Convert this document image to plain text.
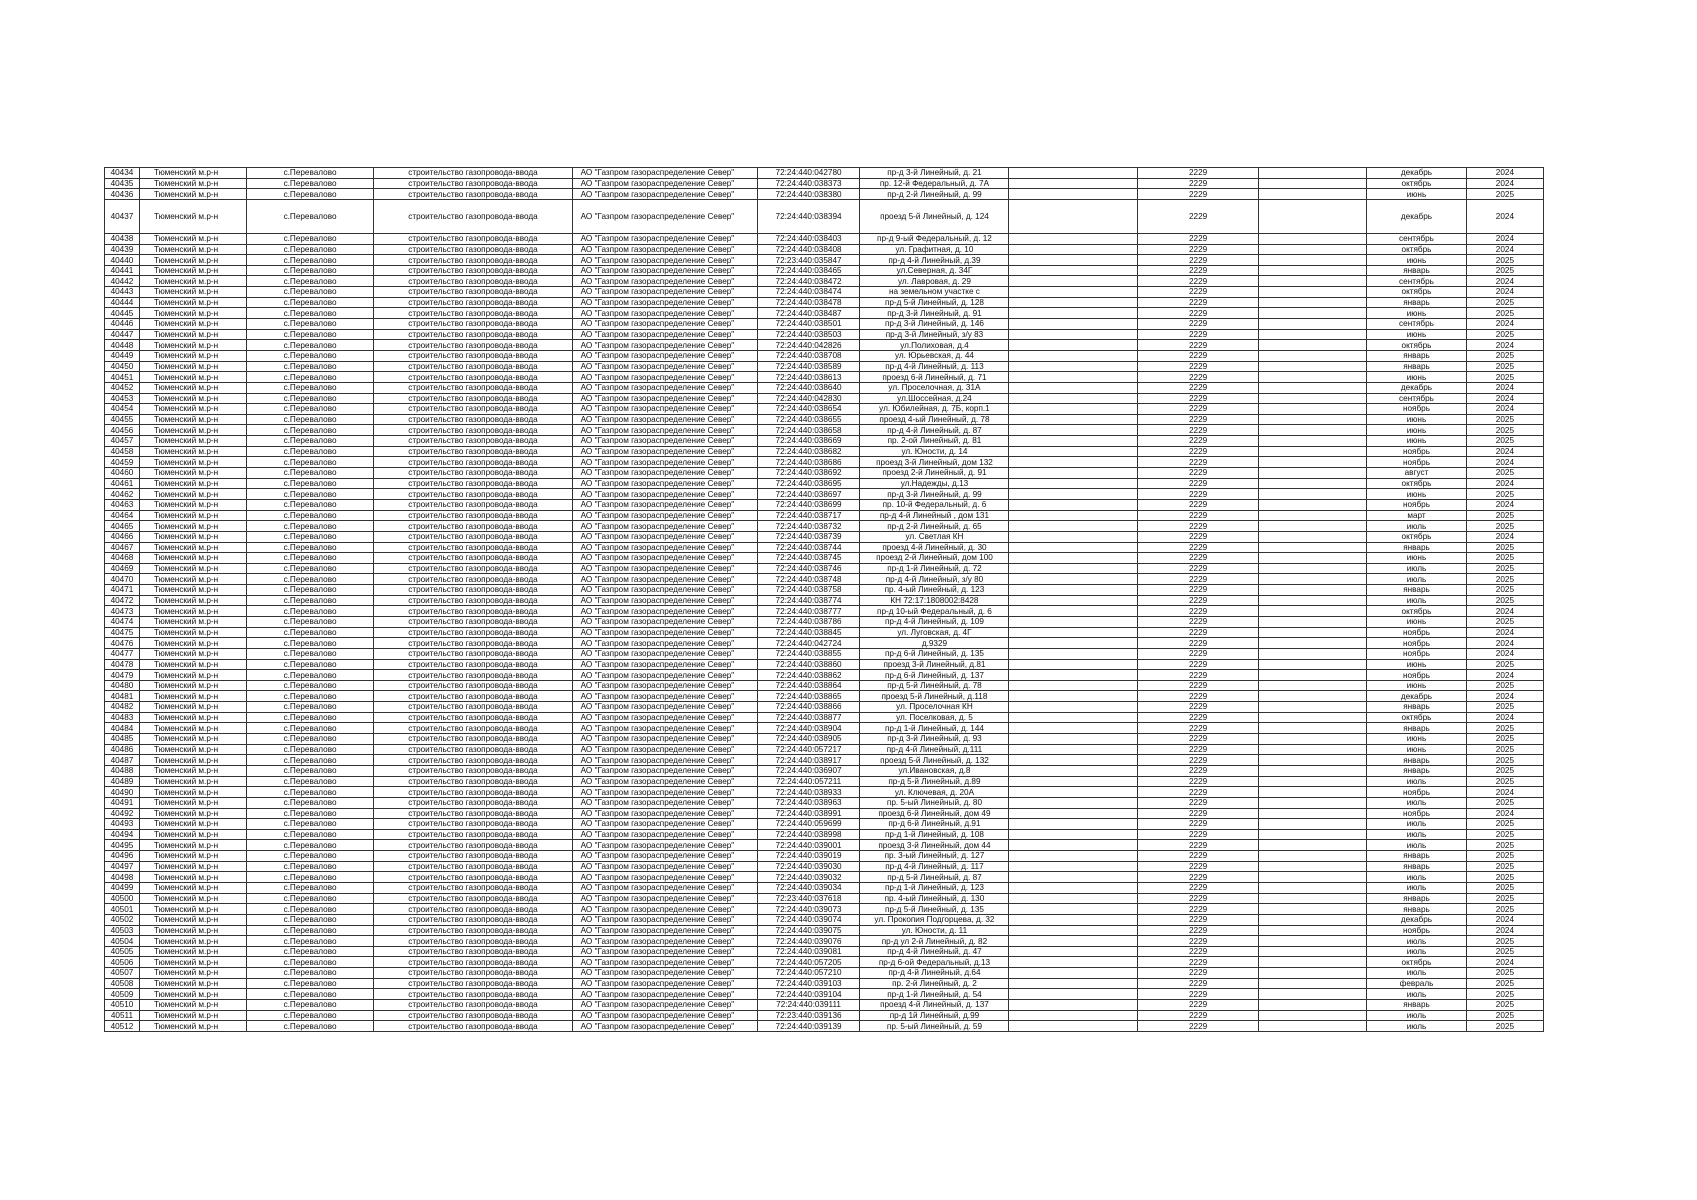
40434	Тюменский м.р-н	с.Перевалово	строительство газопровода-ввода	АО "Газпром газораспределение Север"	72:24:440:042780	пр-д 3-й Линейный, д. 21		2229		декабрь	2024
40435	Тюменский м.р-н	с.Перевалово	строительство газопровода-ввода	АО "Газпром газораспределение Север"	72:24:440:038373	пр. 12-й Федеральный, д. 7А		2229		октябрь	2024
40436	Тюменский м.р-н	с.Перевалово	строительство газопровода-ввода	АО "Газпром газораспределение Север"	72:24:440:038380	пр-д 2-й Линейный, д. 99		2229		июнь	2025
40437	Тюменский м.р-н	с.Перевалово	строительство газопровода-ввода	АО "Газпром газораспределение Север"	72:24:440:038394	проезд 5-й Линейный, д. 124		2229		декабрь	2024
40438	Тюменский м.р-н	с.Перевалово	строительство газопровода-ввода	АО "Газпром газораспределение Север"	72:24:440:038403	пр-д 9-ый Федеральный, д. 12		2229		сентябрь	2024
40439	Тюменский м.р-н	с.Перевалово	строительство газопровода-ввода	АО "Газпром газораспределение Север"	72:24:440:038408	ул. Графитная, д. 10		2229		октябрь	2024
40440	Тюменский м.р-н	с.Перевалово	строительство газопровода-ввода	АО "Газпром газораспределение Север"	72:23:440:035847	пр-д 4-й Линейный, д.39		2229		июнь	2025
40441	Тюменский м.р-н	с.Перевалово	строительство газопровода-ввода	АО "Газпром газораспределение Север"	72:24:440:038465	ул.Северная, д. 34Г		2229		январь	2025
40442	Тюменский м.р-н	с.Перевалово	строительство газопровода-ввода	АО "Газпром газораспределение Север"	72:24:440:038472	ул. Лавровая, д. 29		2229		сентябрь	2024
40443	Тюменский м.р-н	с.Перевалово	строительство газопровода-ввода	АО "Газпром газораспределение Север"	72:24:440:038474	на земельном участке с		2229		октябрь	2024
40444	Тюменский м.р-н	с.Перевалово	строительство газопровода-ввода	АО "Газпром газораспределение Север"	72:24:440:038478	пр-д 5-й Линейный, д. 128		2229		январь	2025
40445	Тюменский м.р-н	с.Перевалово	строительство газопровода-ввода	АО "Газпром газораспределение Север"	72:24:440:038487	пр-д 3-й Линейный, д. 91		2229		июнь	2025
40446	Тюменский м.р-н	с.Перевалово	строительство газопровода-ввода	АО "Газпром газораспределение Север"	72:24:440:038501	пр-д 3-й Линейный, д. 146		2229		сентябрь	2024
40447	Тюменский м.р-н	с.Перевалово	строительство газопровода-ввода	АО "Газпром газораспределение Север"	72:24:440:038503	пр-д 3-й Линейный, з/у 83		2229		июнь	2025
40448	Тюменский м.р-н	с.Перевалово	строительство газопровода-ввода	АО "Газпром газораспределение Север"	72:24:440:042826	ул.Полиховая, д.4		2229		октябрь	2024
40449	Тюменский м.р-н	с.Перевалово	строительство газопровода-ввода	АО "Газпром газораспределение Север"	72:24:440:038708	ул. Юрьевская, д. 44		2229		январь	2025
40450	Тюменский м.р-н	с.Перевалово	строительство газопровода-ввода	АО "Газпром газораспределение Север"	72:24:440:038589	пр-д 4-й Линейный, д. 113		2229		январь	2025
40451	Тюменский м.р-н	с.Перевалово	строительство газопровода-ввода	АО "Газпром газораспределение Север"	72:24:440:038613	проезд 6-й Линейный, д. 71		2229		июнь	2025
40452	Тюменский м.р-н	с.Перевалово	строительство газопровода-ввода	АО "Газпром газораспределение Север"	72:24:440:038640	ул. Проселочная, д. 31А		2229		декабрь	2024
40453	Тюменский м.р-н	с.Перевалово	строительство газопровода-ввода	АО "Газпром газораспределение Север"	72:24:440:042830	ул.Шоссейная, д.24		2229		сентябрь	2024
40454	Тюменский м.р-н	с.Перевалово	строительство газопровода-ввода	АО "Газпром газораспределение Север"	72:24:440:038654	ул. Юбилейная, д. 7Б, корп.1		2229		ноябрь	2024
40455	Тюменский м.р-н	с.Перевалово	строительство газопровода-ввода	АО "Газпром газораспределение Север"	72:24:440:038655	проезд 4-ый Линейный, д. 78		2229		июнь	2025
40456	Тюменский м.р-н	с.Перевалово	строительство газопровода-ввода	АО "Газпром газораспределение Север"	72:24:440:038658	пр-д 4-й Линейный, д. 87		2229		июнь	2025
40457	Тюменский м.р-н	с.Перевалово	строительство газопровода-ввода	АО "Газпром газораспределение Север"	72:24:440:038669	пр. 2-ой Линейный, д. 81		2229		июнь	2025
40458	Тюменский м.р-н	с.Перевалово	строительство газопровода-ввода	АО "Газпром газораспределение Север"	72:24:440:038682	ул. Юности, д. 14		2229		ноябрь	2024
40459	Тюменский м.р-н	с.Перевалово	строительство газопровода-ввода	АО "Газпром газораспределение Север"	72:24:440:038686	проезд 3-й Линейный, дом 132		2229		ноябрь	2024
40460	Тюменский м.р-н	с.Перевалово	строительство газопровода-ввода	АО "Газпром газораспределение Север"	72:24:440:038692	проезд 2-й Линейный, д. 91		2229		август	2025
40461	Тюменский м.р-н	с.Перевалово	строительство газопровода-ввода	АО "Газпром газораспределение Север"	72:24:440:038695	ул.Надежды, д.13		2229		октябрь	2024
40462	Тюменский м.р-н	с.Перевалово	строительство газопровода-ввода	АО "Газпром газораспределение Север"	72:24:440:038697	пр-д 3-й Линейный, д. 99		2229		июнь	2025
40463	Тюменский м.р-н	с.Перевалово	строительство газопровода-ввода	АО "Газпром газораспределение Север"	72:24:440:038699	пр. 10-й Федеральный, д. 6		2229		ноябрь	2024
40464	Тюменский м.р-н	с.Перевалово	строительство газопровода-ввода	АО "Газпром газораспределение Север"	72:24:440:038717	пр-д 4-й Линейный , дом 131		2229		март	2025
40465	Тюменский м.р-н	с.Перевалово	строительство газопровода-ввода	АО "Газпром газораспределение Север"	72:24:440:038732	пр-д 2-й Линейный, д. 65		2229		июль	2025
40466	Тюменский м.р-н	с.Перевалово	строительство газопровода-ввода	АО "Газпром газораспределение Север"	72:24:440:038739	ул. Светлая КН		2229		октябрь	2024
40467	Тюменский м.р-н	с.Перевалово	строительство газопровода-ввода	АО "Газпром газораспределение Север"	72:24:440:038744	проезд 4-й Линейный, д. 30		2229		январь	2025
40468	Тюменский м.р-н	с.Перевалово	строительство газопровода-ввода	АО "Газпром газораспределение Север"	72:24:440:038745	проезд 2-й Линейный, дом 100		2229		июнь	2025
40469	Тюменский м.р-н	с.Перевалово	строительство газопровода-ввода	АО "Газпром газораспределение Север"	72:24:440:038746	пр-д 1-й Линейный, д. 72		2229		июль	2025
40470	Тюменский м.р-н	с.Перевалово	строительство газопровода-ввода	АО "Газпром газораспределение Север"	72:24:440:038748	пр-д 4-й Линейный, з/у 80		2229		июль	2025
40471	Тюменский м.р-н	с.Перевалово	строительство газопровода-ввода	АО "Газпром газораспределение Север"	72:24:440:038758	пр. 4-ый Линейный, д. 123		2229		январь	2025
40472	Тюменский м.р-н	с.Перевалово	строительство газопровода-ввода	АО "Газпром газораспределение Север"	72:24:440:038774	КН 72:17:1808002:8428		2229		июль	2025
40473	Тюменский м.р-н	с.Перевалово	строительство газопровода-ввода	АО "Газпром газораспределение Север"	72:24:440:038777	пр-д 10-ый Федеральный, д. 6		2229		октябрь	2024
40474	Тюменский м.р-н	с.Перевалово	строительство газопровода-ввода	АО "Газпром газораспределение Север"	72:24:440:038786	пр-д 4-й Линейный, д. 109		2229		июнь	2025
40475	Тюменский м.р-н	с.Перевалово	строительство газопровода-ввода	АО "Газпром газораспределение Север"	72:24:440:038845	ул. Луговская, д. 4Г		2229		ноябрь	2024
40476	Тюменский м.р-н	с.Перевалово	строительство газопровода-ввода	АО "Газпром газораспределение Север"	72:24:440:042724	д.9329		2229		ноябрь	2024
40477	Тюменский м.р-н	с.Перевалово	строительство газопровода-ввода	АО "Газпром газораспределение Север"	72:24:440:038855	пр-д 6-й Линейный, д. 135		2229		ноябрь	2024
40478	Тюменский м.р-н	с.Перевалово	строительство газопровода-ввода	АО "Газпром газораспределение Север"	72:24:440:038860	проезд 3-й Линейный, д.81		2229		июнь	2025
40479	Тюменский м.р-н	с.Перевалово	строительство газопровода-ввода	АО "Газпром газораспределение Север"	72:24:440:038862	пр-д 6-й Линейный, д. 137		2229		ноябрь	2024
40480	Тюменский м.р-н	с.Перевалово	строительство газопровода-ввода	АО "Газпром газораспределение Север"	72:24:440:038864	пр-д 5-й Линейный, д. 78		2229		июнь	2025
40481	Тюменский м.р-н	с.Перевалово	строительство газопровода-ввода	АО "Газпром газораспределение Север"	72:24:440:038865	проезд 5-й Линейный, д.118		2229		декабрь	2024
40482	Тюменский м.р-н	с.Перевалово	строительство газопровода-ввода	АО "Газпром газораспределение Север"	72:24:440:038866	ул. Проселочная КН		2229		январь	2025
40483	Тюменский м.р-н	с.Перевалово	строительство газопровода-ввода	АО "Газпром газораспределение Север"	72:24:440:038877	ул. Поселковая, д. 5		2229		октябрь	2024
40484	Тюменский м.р-н	с.Перевалово	строительство газопровода-ввода	АО "Газпром газораспределение Север"	72:24:440:038904	пр-д 1-й Линейный, д. 144		2229		январь	2025
40485	Тюменский м.р-н	с.Перевалово	строительство газопровода-ввода	АО "Газпром газораспределение Север"	72:24:440:038905	пр-д 3-й Линейный, д. 93		2229		июнь	2025
40486	Тюменский м.р-н	с.Перевалово	строительство газопровода-ввода	АО "Газпром газораспределение Север"	72:24:440:057217	пр-д 4-й Линейный, д.111		2229		июнь	2025
40487	Тюменский м.р-н	с.Перевалово	строительство газопровода-ввода	АО "Газпром газораспределение Север"	72:24:440:038917	проезд 5-й Линейный, д. 132		2229		январь	2025
40488	Тюменский м.р-н	с.Перевалово	строительство газопровода-ввода	АО "Газпром газораспределение Север"	72:24:440:036907	ул.Ивановская, д.8		2229		январь	2025
40489	Тюменский м.р-н	с.Перевалово	строительство газопровода-ввода	АО "Газпром газораспределение Север"	72:24:440:057211	пр-д 5-й Линейный, д.89		2229		июль	2025
40490	Тюменский м.р-н	с.Перевалово	строительство газопровода-ввода	АО "Газпром газораспределение Север"	72:24:440:038933	ул. Ключевая, д. 20А		2229		ноябрь	2024
40491	Тюменский м.р-н	с.Перевалово	строительство газопровода-ввода	АО "Газпром газораспределение Север"	72:24:440:038963	пр. 5-ый Линейный, д. 80		2229		июль	2025
40492	Тюменский м.р-н	с.Перевалово	строительство газопровода-ввода	АО "Газпром газораспределение Север"	72:24:440:038991	проезд 6-й Линейный, дом 49		2229		ноябрь	2024
40493	Тюменский м.р-н	с.Перевалово	строительство газопровода-ввода	АО "Газпром газораспределение Север"	72:24:440:059699	пр-д 6-й Линейный, д.91		2229		июль	2025
40494	Тюменский м.р-н	с.Перевалово	строительство газопровода-ввода	АО "Газпром газораспределение Север"	72:24:440:038998	пр-д 1-й Линейный, д. 108		2229		июль	2025
40495	Тюменский м.р-н	с.Перевалово	строительство газопровода-ввода	АО "Газпром газораспределение Север"	72:24:440:039001	проезд 3-й Линейный, дом 44		2229		июль	2025
40496	Тюменский м.р-н	с.Перевалово	строительство газопровода-ввода	АО "Газпром газораспределение Север"	72:24:440:039019	пр. 3-ый Линейный, д. 127		2229		январь	2025
40497	Тюменский м.р-н	с.Перевалово	строительство газопровода-ввода	АО "Газпром газораспределение Север"	72:24:440:039030	пр-д 4-й Линейный, д. 117		2229		январь	2025
40498	Тюменский м.р-н	с.Перевалово	строительство газопровода-ввода	АО "Газпром газораспределение Север"	72:24:440:039032	пр-д 5-й Линейный, д. 87		2229		июль	2025
40499	Тюменский м.р-н	с.Перевалово	строительство газопровода-ввода	АО "Газпром газораспределение Север"	72:24:440:039034	пр-д 1-й Линейный, д. 123		2229		июль	2025
40500	Тюменский м.р-н	с.Перевалово	строительство газопровода-ввода	АО "Газпром газораспределение Север"	72:23:440:037618	пр. 4-ый Линейный, д. 130		2229		январь	2025
40501	Тюменский м.р-н	с.Перевалово	строительство газопровода-ввода	АО "Газпром газораспределение Север"	72:24:440:039073	пр-д 5-й Линейный, д. 135		2229		январь	2025
40502	Тюменский м.р-н	с.Перевалово	строительство газопровода-ввода	АО "Газпром газораспределение Север"	72:24:440:039074	ул. Прокопия Подгорцева, д. 32		2229		декабрь	2024
40503	Тюменский м.р-н	с.Перевалово	строительство газопровода-ввода	АО "Газпром газораспределение Север"	72:24:440:039075	ул. Юности, д. 11		2229		ноябрь	2024
40504	Тюменский м.р-н	с.Перевалово	строительство газопровода-ввода	АО "Газпром газораспределение Север"	72:24:440:039076	пр-д ул 2-й Линейный, д. 82		2229		июль	2025
40505	Тюменский м.р-н	с.Перевалово	строительство газопровода-ввода	АО "Газпром газораспределение Север"	72:24:440:039081	пр-д 4-й Линейный, д. 47		2229		июль	2025
40506	Тюменский м.р-н	с.Перевалово	строительство газопровода-ввода	АО "Газпром газораспределение Север"	72:24:440:057205	пр-д 6-ой Федеральный, д.13		2229		октябрь	2024
40507	Тюменский м.р-н	с.Перевалово	строительство газопровода-ввода	АО "Газпром газораспределение Север"	72:24:440:057210	пр-д 4-й Линейный, д.64		2229		июль	2025
40508	Тюменский м.р-н	с.Перевалово	строительство газопровода-ввода	АО "Газпром газораспределение Север"	72:24:440:039103	пр. 2-й Линейный, д. 2		2229		февраль	2025
40509	Тюменский м.р-н	с.Перевалово	строительство газопровода-ввода	АО "Газпром газораспределение Север"	72:24:440:039104	пр-д 1-й Линейный, д. 54		2229		июль	2025
40510	Тюменский м.р-н	с.Перевалово	строительство газопровода-ввода	АО "Газпром газораспределение Север"	72:24:440:039111	проезд 4-й Линейный, д. 137		2229		январь	2025
40511	Тюменский м.р-н	с.Перевалово	строительство газопровода-ввода	АО "Газпром газораспределение Север"	72:23:440:039136	пр-д 1й Линейный, д.99		2229		июль	2025
40512	Тюменский м.р-н	с.Перевалово	строительство газопровода-ввода	АО "Газпром газораспределение Север"	72:24:440:039139	пр. 5-ый Линейный, д. 59		2229		июль	2025
